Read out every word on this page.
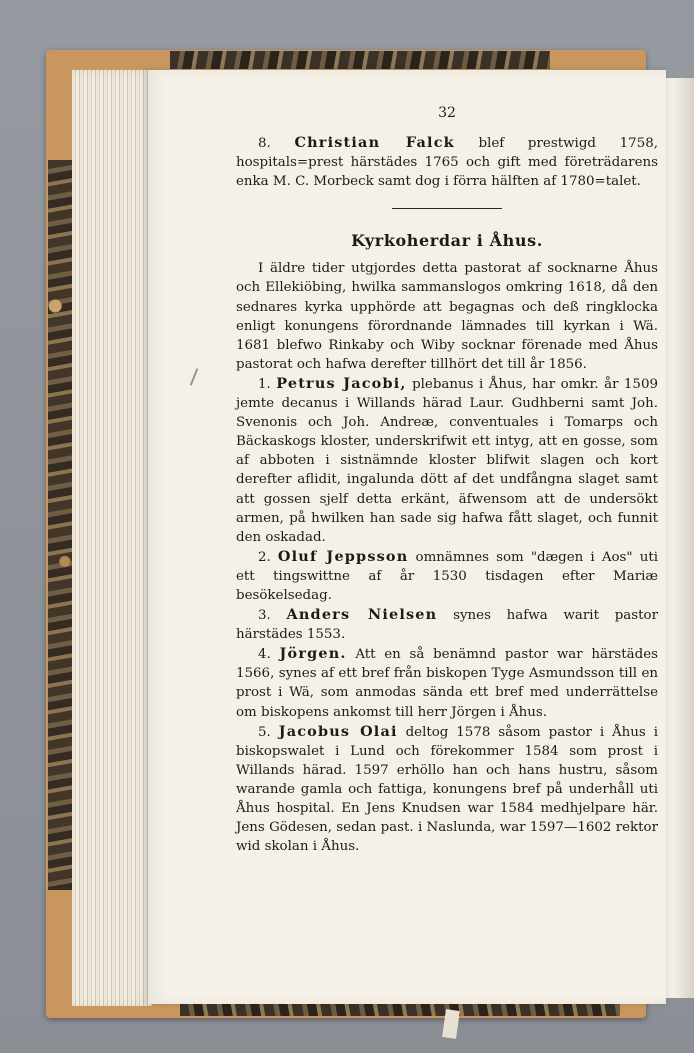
32

8. Christian Falck blef prestwigd 1758, hospitals=prest härstädes 1765 och gift med företrädarens enka M. C. Morbeck samt dog i förra hälften af 1780=talet.

Kyrkoherdar i Åhus.

I äldre tider utgjordes detta pastorat af socknarne Åhus och Ellekiöbing, hwilka sammanslogos omkring 1618, då den sednares kyrka upphörde att begagnas och deß ringklocka enligt konungens förordnande lämnades till kyrkan i Wä. 1681 blefwo Rinkaby och Wiby socknar förenade med Åhus pastorat och hafwa derefter tillhört det till år 1856.

1. Petrus Jacobi, plebanus i Åhus, har omkr. år 1509 jemte decanus i Willands härad Laur. Gudhberni samt Joh. Svenonis och Joh. Andreæ, conventuales i Tomarps och Bäckaskogs kloster, underskrifwit ett intyg, att en gosse, som af abboten i sistnämnde kloster blifwit slagen och kort derefter aflidit, ingalunda dött af det undfångna slaget samt att gossen sjelf detta erkänt, äfwensom att de undersökt armen, på hwilken han sade sig hafwa fått slaget, och funnit den oskadad.

2. Oluf Jeppsson omnämnes som "dægen i Aos" uti ett tingswittne af år 1530 tisdagen efter Mariæ besökelsedag.

3. Anders Nielsen synes hafwa warit pastor härstädes 1553.

4. Jörgen. Att en så benämnd pastor war härstädes 1566, synes af ett bref från biskopen Tyge Asmundsson till en prost i Wä, som anmodas sända ett bref med underrättelse om biskopens ankomst till herr Jörgen i Åhus.

5. Jacobus Olai deltog 1578 såsom pastor i Åhus i biskopswalet i Lund och förekommer 1584 som prost i Willands härad. 1597 erhöllo han och hans hustru, såsom warande gamla och fattiga, konungens bref på underhåll uti Åhus hospital. En Jens Knudsen war 1584 medhjelpare här. Jens Gödesen, sedan past. i Naslunda, war 1597—1602 rektor wid skolan i Åhus.
